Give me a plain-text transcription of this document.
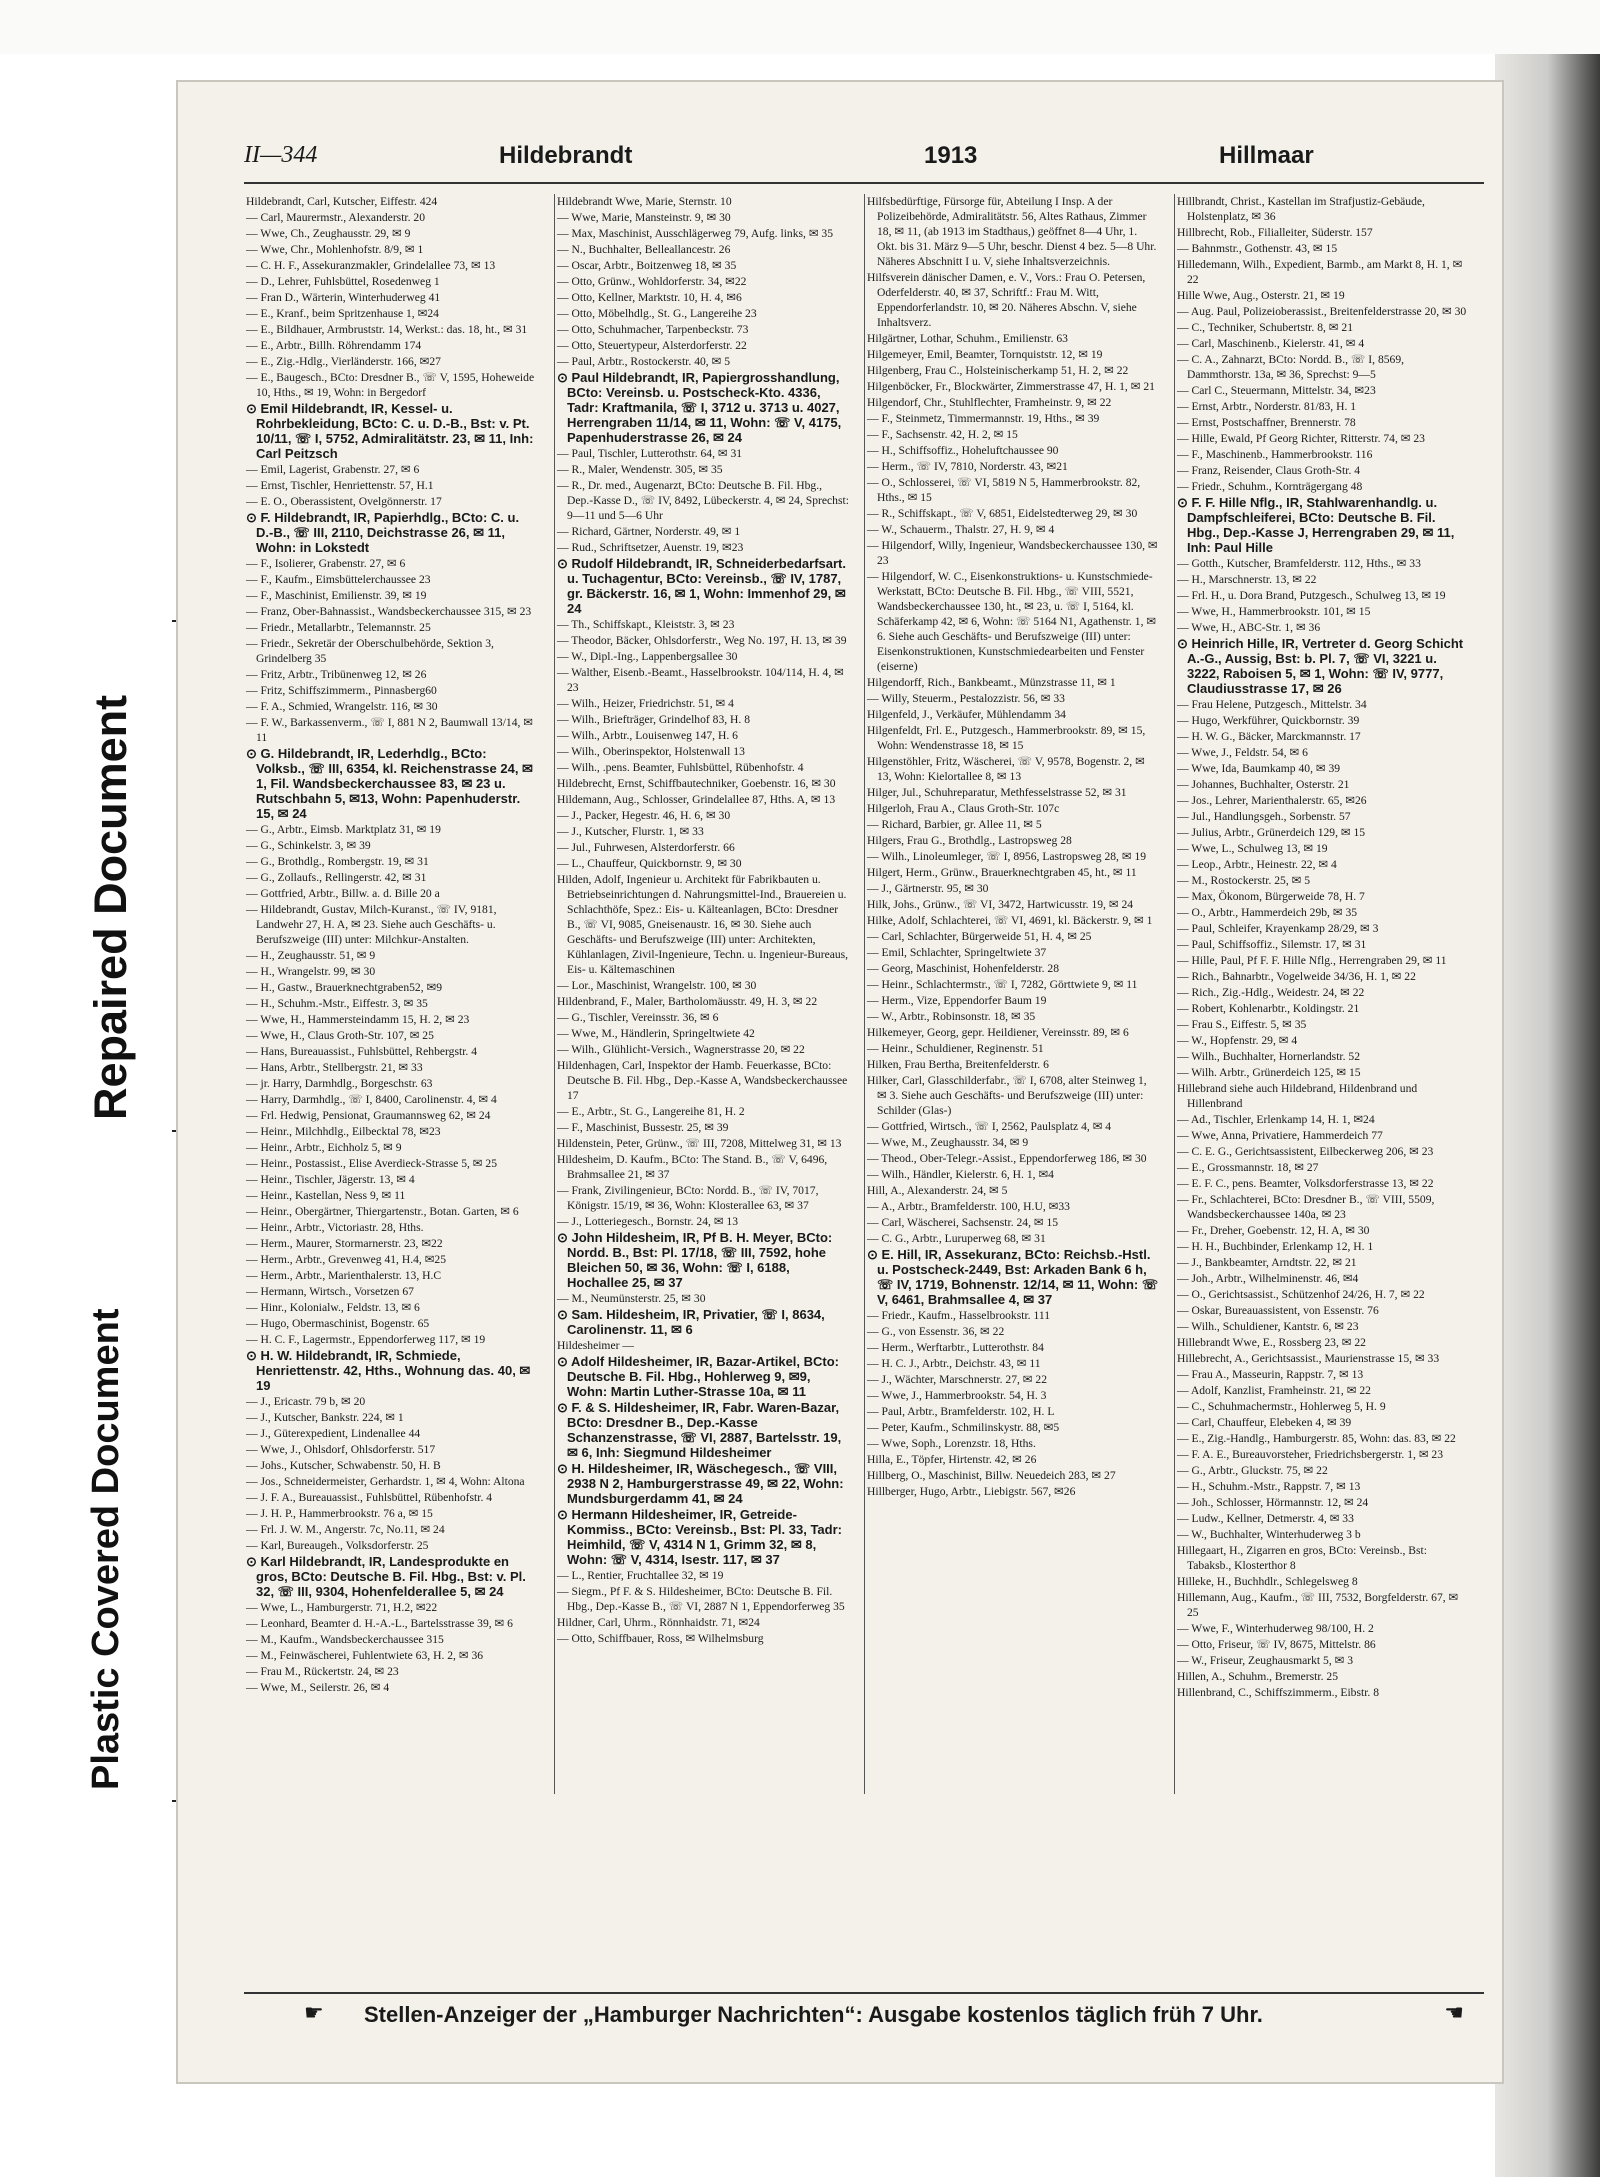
Repaired Document
Plastic Covered Document
II—344	Hildebrandt	1913	Hillmaar
Hildebrandt, Carl, Kutscher, Eiffestr. 424
— Carl, Maurermstr., Alexanderstr. 20
— Wwe, Ch., Zeughausstr. 29, ✉ 9
— Wwe, Chr., Mohlenhofstr. 8/9, ✉ 1
— C. H. F., Assekuranzmakler, Grindelallee 73, ✉ 13
— D., Lehrer, Fuhlsbüttel, Rosedenweg 1
— Fran D., Wärterin, Winterhuderweg 41
— E., Kranf., beim Spritzenhause 1, ✉24
— E., Bildhauer, Armbruststr. 14, Werkst.: das. 18, ht., ✉ 31
— E., Arbtr., Billh. Röhrendamm 174
— E., Zig.-Hdlg., Vierländerstr. 166, ✉27
— E., Baugesch., BCto: Dresdner B., ☏ V, 1595, Hoheweide 10, Hths., ✉ 19, Wohn: in Bergedorf
⊙ Emil Hildebrandt, IR, Kessel- u. Rohrbekleidung, BCto: C. u. D.-B., Bst: v. Pt. 10/11, ☏ I, 5752, Admiralitätstr. 23, ✉ 11, Inh: Carl Peitzsch
— Emil, Lagerist, Grabenstr. 27, ✉ 6
— Ernst, Tischler, Henriettenstr. 57, H.1
— E. O., Oberassistent, Ovelgönnerstr. 17
⊙ F. Hildebrandt, IR, Papierhdlg., BCto: C. u. D.-B., ☏ III, 2110, Deichstrasse 26, ✉ 11, Wohn: in Lokstedt
— F., Isolierer, Grabenstr. 27, ✉ 6
— F., Kaufm., Eimsbüttelerchaussee 23
— F., Maschinist, Emilienstr. 39, ✉ 19
— Franz, Ober-Bahnassist., Wandsbeckerchaussee 315, ✉ 23
— Friedr., Metallarbtr., Telemannstr. 25
— Friedr., Sekretär der Oberschulbehörde, Sektion 3, Grindelberg 35
— Fritz, Arbtr., Tribünenweg 12, ✉ 26
— Fritz, Schiffszimmerm., Pinnasberg60
— F. A., Schmied, Wrangelstr. 116, ✉ 30
— F. W., Barkassenverm., ☏ I, 881 N 2, Baumwall 13/14, ✉ 11
⊙ G. Hildebrandt, IR, Lederhdlg., BCto: Volksb., ☏ III, 6354, kl. Reichenstrasse 24, ✉ 1, Fil. Wandsbeckerchaussee 83, ✉ 23 u. Rutschbahn 5, ✉13, Wohn: Papenhuderstr. 15, ✉ 24
— G., Arbtr., Eimsb. Marktplatz 31, ✉ 19
— G., Schinkelstr. 3, ✉ 39
— G., Brothdlg., Rombergstr. 19, ✉ 31
— G., Zollaufs., Rellingerstr. 42, ✉ 31
— Gottfried, Arbtr., Billw. a. d. Bille 20 a
— Hildebrandt, Gustav, Milch-Kuranst., ☏ IV, 9181, Landwehr 27, H. A, ✉ 23. Siehe auch Geschäfts- u. Berufszweige (III) unter: Milchkur-Anstalten.
— H., Zeughausstr. 51, ✉ 9
— H., Wrangelstr. 99, ✉ 30
— H., Gastw., Brauerknechtgraben52, ✉9
— H., Schuhm.-Mstr., Eiffestr. 3, ✉ 35
— Wwe, H., Hammersteindamm 15, H. 2, ✉ 23
— Wwe, H., Claus Groth-Str. 107, ✉ 25
— Hans, Bureauassist., Fuhlsbüttel, Rehbergstr. 4
— Hans, Arbtr., Stellbergstr. 21, ✉ 33
— jr. Harry, Darmhdlg., Borgeschstr. 63
— Harry, Darmhdlg., ☏ I, 8400, Carolinenstr. 4, ✉ 4
— Frl. Hedwig, Pensionat, Graumannsweg 62, ✉ 24
— Heinr., Milchhdlg., Eilbecktal 78, ✉23
— Heinr., Arbtr., Eichholz 5, ✉ 9
— Heinr., Postassist., Elise Averdieck-Strasse 5, ✉ 25
— Heinr., Tischler, Jägerstr. 13, ✉ 4
— Heinr., Kastellan, Ness 9, ✉ 11
— Heinr., Obergärtner, Thiergartenstr., Botan. Garten, ✉ 6
— Heinr., Arbtr., Victoriastr. 28, Hths.
— Herm., Maurer, Stormarnerstr. 23, ✉22
— Herm., Arbtr., Grevenweg 41, H.4, ✉25
— Herm., Arbtr., Marienthalerstr. 13, H.C
— Hermann, Wirtsch., Vorsetzen 67
— Hinr., Kolonialw., Feldstr. 13, ✉ 6
— Hugo, Obermaschinist, Bogenstr. 65
— H. C. F., Lagermstr., Eppendorferweg 117, ✉ 19
⊙ H. W. Hildebrandt, IR, Schmiede, Henriettenstr. 42, Hths., Wohnung das. 40, ✉ 19
— J., Ericastr. 79 b, ✉ 20
— J., Kutscher, Bankstr. 224, ✉ 1
— J., Güterexpedient, Lindenallee 44
— Wwe, J., Ohlsdorf, Ohlsdorferstr. 517
— Johs., Kutscher, Schwabenstr. 50, H. B
— Jos., Schneidermeister, Gerhardstr. 1, ✉ 4, Wohn: Altona
— J. F. A., Bureauassist., Fuhlsbüttel, Rübenhofstr. 4
— J. H. P., Hammerbrookstr. 76 a, ✉ 15
— Frl. J. W. M., Angerstr. 7c, No.11, ✉ 24
— Karl, Bureaugeh., Volksdorferstr. 25
⊙ Karl Hildebrandt, IR, Landesprodukte en gros, BCto: Deutsche B. Fil. Hbg., Bst: v. Pl. 32, ☏ III, 9304, Hohenfelderallee 5, ✉ 24
— Wwe, L., Hamburgerstr. 71, H.2, ✉22
— Leonhard, Beamter d. H.-A.-L., Bartelsstrasse 39, ✉ 6
— M., Kaufm., Wandsbeckerchaussee 315
— M., Feinwäscherei, Fuhlentwiete 63, H. 2, ✉ 36
— Frau M., Rückertstr. 24, ✉ 23
— Wwe, M., Seilerstr. 26, ✉ 4
Hildebrandt Wwe, Marie, Sternstr. 10
— Wwe, Marie, Mansteinstr. 9, ✉ 30
— Max, Maschinist, Ausschlägerweg 79, Aufg. links, ✉ 35
— N., Buchhalter, Belleallancestr. 26
— Oscar, Arbtr., Boitzenweg 18, ✉ 35
— Otto, Grünw., Wohldorferstr. 34, ✉22
— Otto, Kellner, Marktstr. 10, H. 4, ✉6
— Otto, Möbelhdlg., St. G., Langereihe 23
— Otto, Schuhmacher, Tarpenbeckstr. 73
— Otto, Steuertypeur, Alsterdorferstr. 22
— Paul, Arbtr., Rostockerstr. 40, ✉ 5
⊙ Paul Hildebrandt, IR, Papiergrosshandlung, BCto: Vereinsb. u. Postscheck-Kto. 4336, Tadr: Kraftmanila, ☏ I, 3712 u. 3713 u. 4027, Herrengraben 11/14, ✉ 11, Wohn: ☏ V, 4175, Papenhuderstrasse 26, ✉ 24
— Paul, Tischler, Lutterothstr. 64, ✉ 31
— R., Maler, Wendenstr. 305, ✉ 35
— R., Dr. med., Augenarzt, BCto: Deutsche B. Fil. Hbg., Dep.-Kasse D., ☏ IV, 8492, Lübeckerstr. 4, ✉ 24, Sprechst: 9—11 und 5—6 Uhr
— Richard, Gärtner, Norderstr. 49, ✉ 1
— Rud., Schriftsetzer, Auenstr. 19, ✉23
⊙ Rudolf Hildebrandt, IR, Schneiderbedarfsart. u. Tuchagentur, BCto: Vereinsb., ☏ IV, 1787, gr. Bäckerstr. 16, ✉ 1, Wohn: Immenhof 29, ✉ 24
— Th., Schiffskapt., Kleiststr. 3, ✉ 23
— Theodor, Bäcker, Ohlsdorferstr., Weg No. 197, H. 13, ✉ 39
— W., Dipl.-Ing., Lappenbergsallee 30
— Walther, Eisenb.-Beamt., Hasselbrookstr. 104/114, H. 4, ✉ 23
— Wilh., Heizer, Friedrichstr. 51, ✉ 4
— Wilh., Briefträger, Grindelhof 83, H. 8
— Wilh., Arbtr., Louisenweg 147, H. 6
— Wilh., Oberinspektor, Holstenwall 13
— Wilh., .pens. Beamter, Fuhlsbüttel, Rübenhofstr. 4
Hildebrecht, Ernst, Schiffbautechniker, Goebenstr. 16, ✉ 30
Hildemann, Aug., Schlosser, Grindelallee 87, Hths. A, ✉ 13
— J., Packer, Hegestr. 46, H. 6, ✉ 30
— J., Kutscher, Flurstr. 1, ✉ 33
— Jul., Fuhrwesen, Alsterdorferstr. 66
— L., Chauffeur, Quickbornstr. 9, ✉ 30
Hilden, Adolf, Ingenieur u. Architekt für Fabrikbauten u. Betriebseinrichtungen d. Nahrungsmittel-Ind., Brauereien u. Schlachthöfe, Spez.: Eis- u. Kälteanlagen, BCto: Dresdner B., ☏ VI, 9085, Gneisenaustr. 16, ✉ 30. Siehe auch Geschäfts- und Berufszweige (III) unter: Architekten, Kühlanlagen, Zivil-Ingenieure, Techn. u. Ingenieur-Bureaus, Eis- u. Kältemaschinen
— Lor., Maschinist, Wrangelstr. 100, ✉ 30
Hildenbrand, F., Maler, Bartholomäusstr. 49, H. 3, ✉ 22
— G., Tischler, Vereinsstr. 36, ✉ 6
— Wwe, M., Händlerin, Springeltwiete 42
— Wilh., Glühlicht-Versich., Wagnerstrasse 20, ✉ 22
Hildenhagen, Carl, Inspektor der Hamb. Feuerkasse, BCto: Deutsche B. Fil. Hbg., Dep.-Kasse A, Wandsbeckerchaussee 17
— E., Arbtr., St. G., Langereihe 81, H. 2
— F., Maschinist, Bussestr. 25, ✉ 39
Hildenstein, Peter, Grünw., ☏ III, 7208, Mittelweg 31, ✉ 13
Hildesheim, D. Kaufm., BCto: The Stand. B., ☏ V, 6496, Brahmsallee 21, ✉ 37
— Frank, Zivilingenieur, BCto: Nordd. B., ☏ IV, 7017, Königstr. 15/19, ✉ 36, Wohn: Klosterallee 63, ✉ 37
— J., Lotteriegesch., Bornstr. 24, ✉ 13
⊙ John Hildesheim, IR, Pf B. H. Meyer, BCto: Nordd. B., Bst: Pl. 17/18, ☏ III, 7592, hohe Bleichen 50, ✉ 36, Wohn: ☏ I, 6188, Hochallee 25, ✉ 37
— M., Neumünsterstr. 25, ✉ 30
⊙ Sam. Hildesheim, IR, Privatier, ☏ I, 8634, Carolinenstr. 11, ✉ 6
Hildesheimer —
⊙ Adolf Hildesheimer, IR, Bazar-Artikel, BCto: Deutsche B. Fil. Hbg., Hohlerweg 9, ✉9, Wohn: Martin Luther-Strasse 10a, ✉ 11
⊙ F. & S. Hildesheimer, IR, Fabr. Waren-Bazar, BCto: Dresdner B., Dep.-Kasse Schanzenstrasse, ☏ VI, 2887, Bartelsstr. 19, ✉ 6, Inh: Siegmund Hildesheimer
⊙ H. Hildesheimer, IR, Wäschegesch., ☏ VIII, 2938 N 2, Hamburgerstrasse 49, ✉ 22, Wohn: Mundsburgerdamm 41, ✉ 24
⊙ Hermann Hildesheimer, IR, Getreide-Kommiss., BCto: Vereinsb., Bst: Pl. 33, Tadr: Heimhild, ☏ V, 4314 N 1, Grimm 32, ✉ 8, Wohn: ☏ V, 4314, Isestr. 117, ✉ 37
— L., Rentier, Fruchtallee 32, ✉ 19
— Siegm., Pf F. & S. Hildesheimer, BCto: Deutsche B. Fil. Hbg., Dep.-Kasse B., ☏ VI, 2887 N 1, Eppendorferweg 35
Hildner, Carl, Uhrm., Rönnhaidstr. 71, ✉24
— Otto, Schiffbauer, Ross, ✉ Wilhelmsburg
Hilfsbedürftige, Fürsorge für, Abteilung I Insp. A der Polizeibehörde, Admiralitätstr. 56, Altes Rathaus, Zimmer 18, ✉ 11, (ab 1913 im Stadthaus,) geöffnet 8—4 Uhr, 1. Okt. bis 31. März 9—5 Uhr, beschr. Dienst 4 bez. 5—8 Uhr. Näheres Abschnitt I u. V, siehe Inhaltsverzeichnis.
Hilfsverein dänischer Damen, e. V., Vors.: Frau O. Petersen, Oderfelderstr. 40, ✉ 37, Schriftf.: Frau M. Witt, Eppendorferlandstr. 10, ✉ 20. Näheres Abschn. V, siehe Inhaltsverz.
Hilgärtner, Lothar, Schuhm., Emilienstr. 63
Hilgemeyer, Emil, Beamter, Tornquiststr. 12, ✉ 19
Hilgenberg, Frau C., Holsteinischerkamp 51, H. 2, ✉ 22
Hilgenböcker, Fr., Blockwärter, Zimmerstrasse 47, H. 1, ✉ 21
Hilgendorf, Chr., Stuhlflechter, Framheinstr. 9, ✉ 22
— F., Steinmetz, Timmermannstr. 19, Hths., ✉ 39
— F., Sachsenstr. 42, H. 2, ✉ 15
— H., Schiffsoffiz., Hoheluftchaussee 90
— Herm., ☏ IV, 7810, Norderstr. 43, ✉21
— O., Schlosserei, ☏ VI, 5819 N 5, Hammerbrookstr. 82, Hths., ✉ 15
— R., Schiffskapt., ☏ V, 6851, Eidelstedterweg 29, ✉ 30
— W., Schauerm., Thalstr. 27, H. 9, ✉ 4
— Hilgendorf, Willy, Ingenieur, Wandsbeckerchaussee 130, ✉ 23
— Hilgendorf, W. C., Eisenkonstruktions- u. Kunstschmiede-Werkstatt, BCto: Deutsche B. Fil. Hbg., ☏ VIII, 5521, Wandsbeckerchaussee 130, ht., ✉ 23, u. ☏ I, 5164, kl. Schäferkamp 42, ✉ 6, Wohn: ☏ 5164 N1, Agathenstr. 1, ✉ 6. Siehe auch Geschäfts- und Berufszweige (III) unter: Eisenkonstruktionen, Kunstschmiedearbeiten und Fenster (eiserne)
Hilgendorff, Rich., Bankbeamt., Münzstrasse 11, ✉ 1
— Willy, Steuerm., Pestalozzistr. 56, ✉ 33
Hilgenfeld, J., Verkäufer, Mühlendamm 34
Hilgenfeldt, Frl. E., Putzgesch., Hammerbrookstr. 89, ✉ 15, Wohn: Wendenstrasse 18, ✉ 15
Hilgenstöhler, Fritz, Wäscherei, ☏ V, 9578, Bogenstr. 2, ✉ 13, Wohn: Kielortallee 8, ✉ 13
Hilger, Jul., Schuhreparatur, Methfesselstrasse 52, ✉ 31
Hilgerloh, Frau A., Claus Groth-Str. 107c
— Richard, Barbier, gr. Allee 11, ✉ 5
Hilgers, Frau G., Brothdlg., Lastropsweg 28
— Wilh., Linoleumleger, ☏ I, 8956, Lastropsweg 28, ✉ 19
Hilgert, Herm., Grünw., Brauerknechtgraben 45, ht., ✉ 11
— J., Gärtnerstr. 95, ✉ 30
Hilk, Johs., Grünw., ☏ VI, 3472, Hartwicusstr. 19, ✉ 24
Hilke, Adolf, Schlachterei, ☏ VI, 4691, kl. Bäckerstr. 9, ✉ 1
— Carl, Schlachter, Bürgerweide 51, H. 4, ✉ 25
— Emil, Schlachter, Springeltwiete 37
— Georg, Maschinist, Hohenfelderstr. 28
— Heinr., Schlachtermstr., ☏ I, 7282, Görttwiete 9, ✉ 11
— Herm., Vize, Eppendorfer Baum 19
— W., Arbtr., Robinsonstr. 18, ✉ 35
Hilkemeyer, Georg, gepr. Heildiener, Vereinsstr. 89, ✉ 6
— Heinr., Schuldiener, Reginenstr. 51
Hilken, Frau Bertha, Breitenfelderstr. 6
Hilker, Carl, Glasschilderfabr., ☏ I, 6708, alter Steinweg 1, ✉ 3. Siehe auch Geschäfts- und Berufszweige (III) unter: Schilder (Glas-)
— Gottfried, Wirtsch., ☏ I, 2562, Paulsplatz 4, ✉ 4
— Wwe, M., Zeughausstr. 34, ✉ 9
— Theod., Ober-Telegr.-Assist., Eppendorferweg 186, ✉ 30
— Wilh., Händler, Kielerstr. 6, H. 1, ✉4
Hill, A., Alexanderstr. 24, ✉ 5
— A., Arbtr., Bramfelderstr. 100, H.U, ✉33
— Carl, Wäscherei, Sachsenstr. 24, ✉ 15
— C. G., Arbtr., Luruperweg 68, ✉ 31
⊙ E. Hill, IR, Assekuranz, BCto: Reichsb.-Hstl. u. Postscheck-2449, Bst: Arkaden Bank 6 h, ☏ IV, 1719, Bohnenstr. 12/14, ✉ 11, Wohn: ☏ V, 6461, Brahmsallee 4, ✉ 37
— Friedr., Kaufm., Hasselbrookstr. 111
— G., von Essenstr. 36, ✉ 22
— Herm., Werftarbtr., Lutterothstr. 84
— H. C. J., Arbtr., Deichstr. 43, ✉ 11
— J., Wächter, Marschnerstr. 27, ✉ 22
— Wwe, J., Hammerbrookstr. 54, H. 3
— Paul, Arbtr., Bramfelderstr. 102, H. L
— Peter, Kaufm., Schmilinskystr. 88, ✉5
— Wwe, Soph., Lorenzstr. 18, Hths.
Hilla, E., Töpfer, Hirtenstr. 42, ✉ 26
Hillberg, O., Maschinist, Billw. Neuedeich 283, ✉ 27
Hillberger, Hugo, Arbtr., Liebigstr. 567, ✉26
Hillbrandt, Christ., Kastellan im Strafjustiz-Gebäude, Holstenplatz, ✉ 36
Hillbrecht, Rob., Filialleiter, Süderstr. 157
— Bahnmstr., Gothenstr. 43, ✉ 15
Hilledemann, Wilh., Expedient, Barmb., am Markt 8, H. 1, ✉ 22
Hille Wwe, Aug., Osterstr. 21, ✉ 19
— Aug. Paul, Polizeioberassist., Breitenfelderstrasse 20, ✉ 30
— C., Techniker, Schubertstr. 8, ✉ 21
— Carl, Maschinenb., Kielerstr. 41, ✉ 4
— C. A., Zahnarzt, BCto: Nordd. B., ☏ I, 8569, Dammthorstr. 13a, ✉ 36, Sprechst: 9—5
— Carl C., Steuermann, Mittelstr. 34, ✉23
— Ernst, Arbtr., Norderstr. 81/83, H. 1
— Ernst, Postschaffner, Brennerstr. 78
— Hille, Ewald, Pf Georg Richter, Ritterstr. 74, ✉ 23
— F., Maschinenb., Hammerbrookstr. 116
— Franz, Reisender, Claus Groth-Str. 4
— Friedr., Schuhm., Kornträgergang 48
⊙ F. F. Hille Nflg., IR, Stahlwarenhandlg. u. Dampfschleiferei, BCto: Deutsche B. Fil. Hbg., Dep.-Kasse J, Herrengraben 29, ✉ 11, Inh: Paul Hille
— Gotth., Kutscher, Bramfelderstr. 112, Hths., ✉ 33
— H., Marschnerstr. 13, ✉ 22
— Frl. H., u. Dora Brand, Putzgesch., Schulweg 13, ✉ 19
— Wwe, H., Hammerbrookstr. 101, ✉ 15
— Wwe, H., ABC-Str. 1, ✉ 36
⊙ Heinrich Hille, IR, Vertreter d. Georg Schicht A.-G., Aussig, Bst: b. Pl. 7, ☏ VI, 3221 u. 3222, Raboisen 5, ✉ 1, Wohn: ☏ IV, 9777, Claudiusstrasse 17, ✉ 26
— Frau Helene, Putzgesch., Mittelstr. 34
— Hugo, Werkführer, Quickbornstr. 39
— H. W. G., Bäcker, Marckmannstr. 17
— Wwe, J., Feldstr. 54, ✉ 6
— Wwe, Ida, Baumkamp 40, ✉ 39
— Johannes, Buchhalter, Osterstr. 21
— Jos., Lehrer, Marienthalerstr. 65, ✉26
— Jul., Handlungsgeh., Sorbenstr. 57
— Julius, Arbtr., Grünerdeich 129, ✉ 15
— Wwe, L., Schulweg 13, ✉ 19
— Leop., Arbtr., Heinestr. 22, ✉ 4
— M., Rostockerstr. 25, ✉ 5
— Max, Ökonom, Bürgerweide 78, H. 7
— O., Arbtr., Hammerdeich 29b, ✉ 35
— Paul, Schleifer, Krayenkamp 28/29, ✉ 3
— Paul, Schiffsoffiz., Silemstr. 17, ✉ 31
— Hille, Paul, Pf F. F. Hille Nflg., Herrengraben 29, ✉ 11
— Rich., Bahnarbtr., Vogelweide 34/36, H. 1, ✉ 22
— Rich., Zig.-Hdlg., Weidestr. 24, ✉ 22
— Robert, Kohlenarbtr., Koldingstr. 21
— Frau S., Eiffestr. 5, ✉ 35
— W., Hopfenstr. 29, ✉ 4
— Wilh., Buchhalter, Hornerlandstr. 52
— Wilh. Arbtr., Grünerdeich 125, ✉ 15
Hillebrand siehe auch Hildebrand, Hildenbrand und Hillenbrand
— Ad., Tischler, Erlenkamp 14, H. 1, ✉24
— Wwe, Anna, Privatiere, Hammerdeich 77
— C. E. G., Gerichtsassistent, Eilbeckerweg 206, ✉ 23
— E., Grossmannstr. 18, ✉ 27
— E. F. C., pens. Beamter, Volksdorferstrasse 13, ✉ 22
— Fr., Schlachterei, BCto: Dresdner B., ☏ VIII, 5509, Wandsbeckerchaussee 140a, ✉ 23
— Fr., Dreher, Goebenstr. 12, H. A, ✉ 30
— H. H., Buchbinder, Erlenkamp 12, H. 1
— J., Bankbeamter, Arndtstr. 22, ✉ 21
— Joh., Arbtr., Wilhelminenstr. 46, ✉4
— O., Gerichtsassist., Schützenhof 24/26, H. 7, ✉ 22
— Oskar, Bureauassistent, von Essenstr. 76
— Wilh., Schuldiener, Kantstr. 6, ✉ 23
Hillebrandt Wwe, E., Rossberg 23, ✉ 22
Hillebrecht, A., Gerichtsassist., Maurienstrasse 15, ✉ 33
— Frau A., Masseurin, Rappstr. 7, ✉ 13
— Adolf, Kanzlist, Framheinstr. 21, ✉ 22
— C., Schuhmachermstr., Hohlerweg 5, H. 9
— Carl, Chauffeur, Elebeken 4, ✉ 39
— E., Zig.-Handlg., Hamburgerstr. 85, Wohn: das. 83, ✉ 22
— F. A. E., Bureauvorsteher, Friedrichsbergerstr. 1, ✉ 23
— G., Arbtr., Gluckstr. 75, ✉ 22
— H., Schuhm.-Mstr., Rappstr. 7, ✉ 13
— Joh., Schlosser, Hörmannstr. 12, ✉ 24
— Ludw., Kellner, Detmerstr. 4, ✉ 33
— W., Buchhalter, Winterhuderweg 3 b
Hillegaart, H., Zigarren en gros, BCto: Vereinsb., Bst: Tabaksb., Klosterthor 8
Hilleke, H., Buchhdlr., Schlegelsweg 8
Hillemann, Aug., Kaufm., ☏ III, 7532, Borgfelderstr. 67, ✉ 25
— Wwe, F., Winterhuderweg 98/100, H. 2
— Otto, Friseur, ☏ IV, 8675, Mittelstr. 86
— W., Friseur, Zeughausmarkt 5, ✉ 3
Hillen, A., Schuhm., Bremerstr. 25
Hillenbrand, C., Schiffszimmerm., Eibstr. 8
☛ Stellen-Anzeiger der „Hamburger Nachrichten“: Ausgabe kostenlos täglich früh 7 Uhr.	☚
